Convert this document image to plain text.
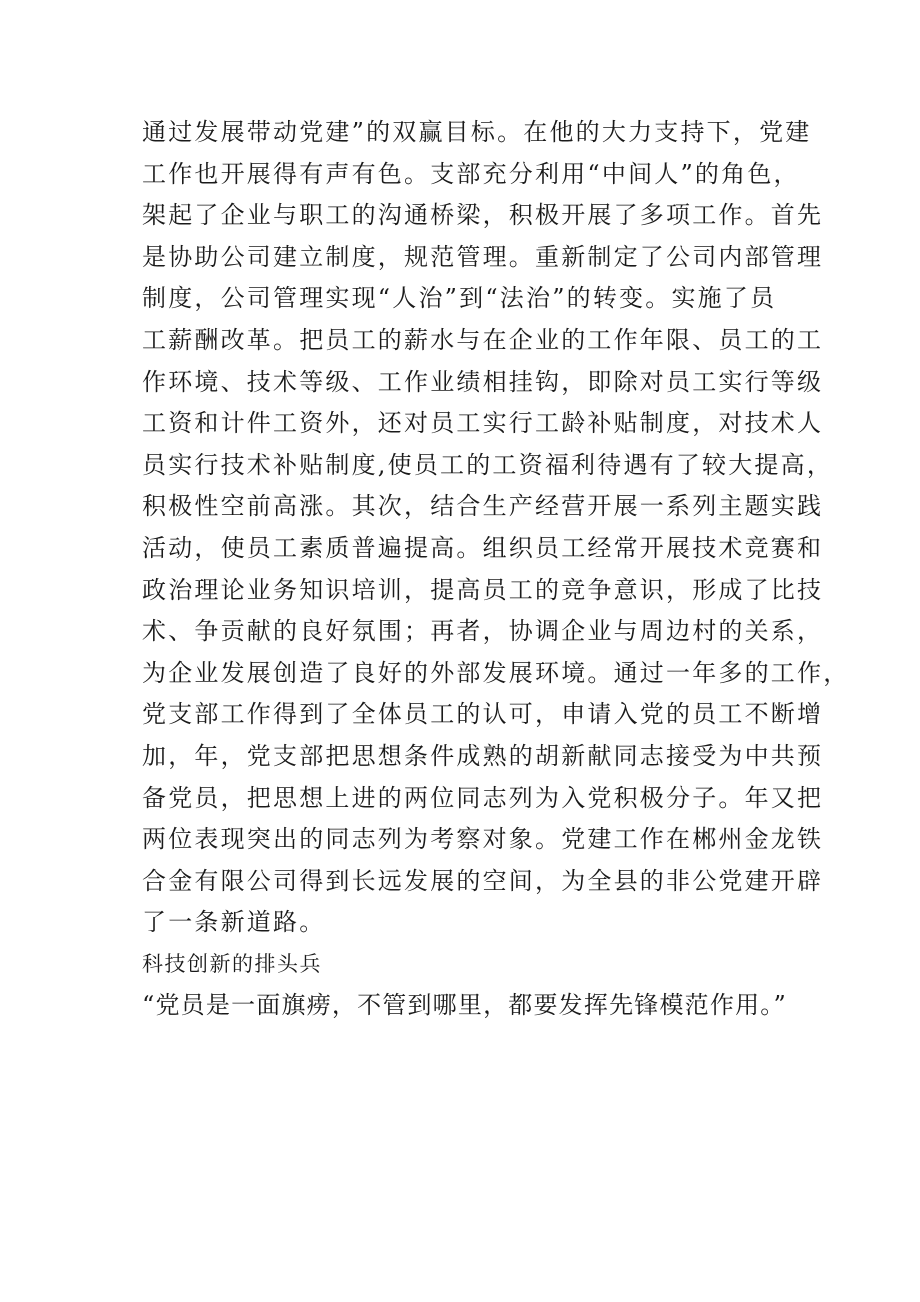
通过发展带动党建”的双赢目标。在他的大力支持下，党建
工作也开展得有声有色。支部充分利用“中间人”的角色，
架起了企业与职工的沟通桥梁，积极开展了多项工作。首先
是协助公司建立制度，规范管理。重新制定了公司内部管理
制度，公司管理实现“人治”到“法治”的转变。实施了员
工薪酬改革。把员工的薪水与在企业的工作年限、员工的工
作环境、技术等级、工作业绩相挂钩，即除对员工实行等级
工资和计件工资外，还对员工实行工龄补贴制度，对技术人
员实行技术补贴制度,使员工的工资福利待遇有了较大提高，
积极性空前高涨。其次，结合生产经营开展一系列主题实践
活动，使员工素质普遍提高。组织员工经常开展技术竞赛和
政治理论业务知识培训，提高员工的竞争意识，形成了比技
术、争贡献的良好氛围；再者，协调企业与周边村的关系，
为企业发展创造了良好的外部发展环境。通过一年多的工作，
党支部工作得到了全体员工的认可，申请入党的员工不断增
加，年，党支部把思想条件成熟的胡新献同志接受为中共预
备党员，把思想上进的两位同志列为入党积极分子。年又把
两位表现突出的同志列为考察对象。党建工作在郴州金龙铁
合金有限公司得到长远发展的空间，为全县的非公党建开辟
了一条新道路。
科技创新的排头兵
“党员是一面旗痨，不管到哪里，都要发挥先锋模范作用。”
